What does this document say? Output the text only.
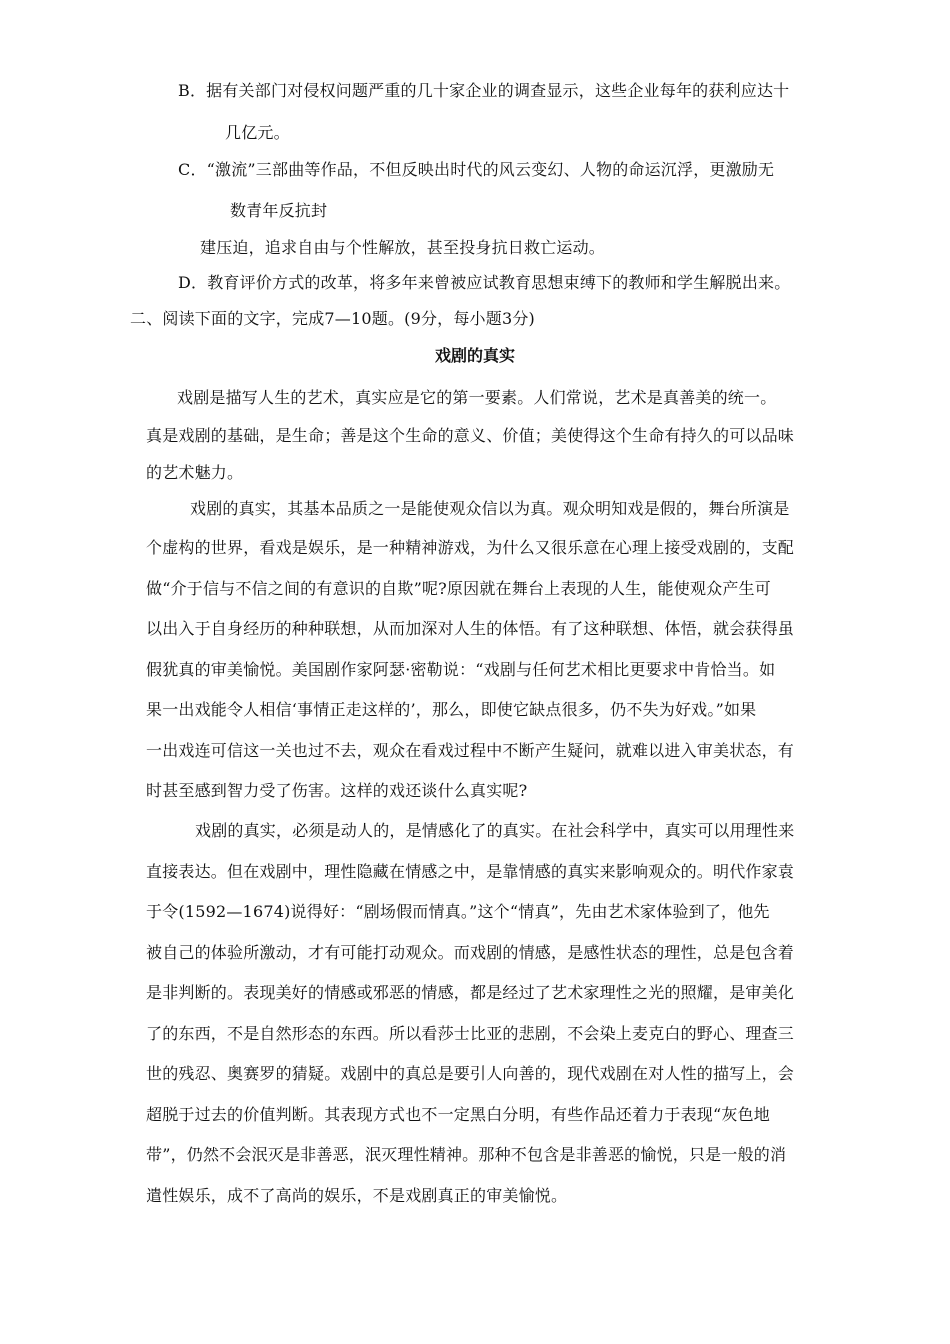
B．据有关部门对侵权问题严重的几十家企业的调查显示，这些企业每年的获利应达十
几亿元。
C．“激流”三部曲等作品，不但反映出时代的风云变幻、人物的命运沉浮，更激励无
数青年反抗封
建压迫，追求自由与个性解放，甚至投身抗日救亡运动。
D．教育评价方式的改革，将多年来曾被应试教育思想束缚下的教师和学生解脱出来。
二、阅读下面的文字，完成7—10题。(9分，每小题3分)
戏剧的真实
戏剧是描写人生的艺术，真实应是它的第一要素。人们常说，艺术是真善美的统一。
真是戏剧的基础，是生命；善是这个生命的意义、价值；美使得这个生命有持久的可以品味
的艺术魅力。
戏剧的真实，其基本品质之一是能使观众信以为真。观众明知戏是假的，舞台所演是
个虚构的世界，看戏是娱乐，是一种精神游戏，为什么又很乐意在心理上接受戏剧的，支配
做“介于信与不信之间的有意识的自欺”呢?原因就在舞台上表现的人生，能使观众产生可
以出入于自身经历的种种联想，从而加深对人生的体悟。有了这种联想、体悟，就会获得虽
假犹真的审美愉悦。美国剧作家阿瑟·密勒说：“戏剧与任何艺术相比更要求中肯恰当。如
果一出戏能令人相信‘事情正走这样的’，那么，即使它缺点很多，仍不失为好戏。”如果
一出戏连可信这一关也过不去，观众在看戏过程中不断产生疑问，就难以进入审美状态，有
时甚至感到智力受了伤害。这样的戏还谈什么真实呢?
戏剧的真实，必须是动人的，是情感化了的真实。在社会科学中，真实可以用理性来
直接表达。但在戏剧中，理性隐藏在情感之中，是靠情感的真实来影响观众的。明代作家袁
于令(1592—1674)说得好：“剧场假而情真。”这个“情真”，先由艺术家体验到了，他先
被自己的体验所激动，才有可能打动观众。而戏剧的情感，是感性状态的理性，总是包含着
是非判断的。表现美好的情感或邪恶的情感，都是经过了艺术家理性之光的照耀，是审美化
了的东西，不是自然形态的东西。所以看莎士比亚的悲剧，不会染上麦克白的野心、理查三
世的残忍、奥赛罗的猜疑。戏剧中的真总是要引人向善的，现代戏剧在对人性的描写上，会
超脱于过去的价值判断。其表现方式也不一定黑白分明，有些作品还着力于表现“灰色地
带”，仍然不会泯灭是非善恶，泯灭理性精神。那种不包含是非善恶的愉悦，只是一般的消
遣性娱乐，成不了高尚的娱乐，不是戏剧真正的审美愉悦。
